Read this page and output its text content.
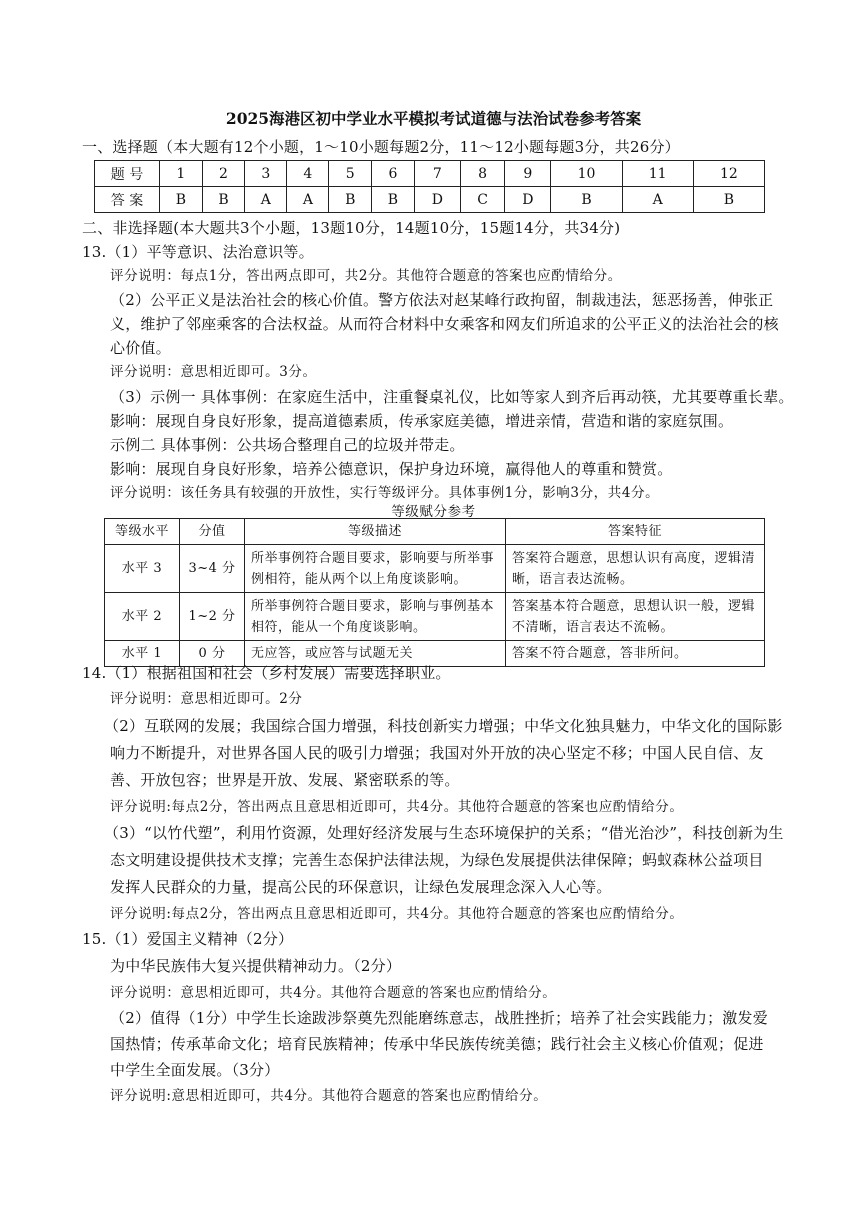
2025海港区初中学业水平模拟考试道德与法治试卷参考答案
一、选择题（本大题有12个小题，1～10小题每题2分，11～12小题每题3分，共26分）
题 号	1	2	3	4	5	6	7	8	9	10	11	12
答 案	B	B	A	A	B	B	D	C	D	B	A	B
二、非选择题(本大题共3个小题，13题10分，14题10分，15题14分，共34分)
13.（1）平等意识、法治意识等。
评分说明：每点1分，答出两点即可，共2分。其他符合题意的答案也应酌情给分。
（2）公平正义是法治社会的核心价值。警方依法对赵某峰行政拘留，制裁违法，惩恶扬善，伸张正
义，维护了邻座乘客的合法权益。从而符合材料中女乘客和网友们所追求的公平正义的法治社会的核
心价值。
评分说明：意思相近即可。3分。
（3）示例一 具体事例：在家庭生活中，注重餐桌礼仪，比如等家人到齐后再动筷，尤其要尊重长辈。
影响：展现自身良好形象，提高道德素质，传承家庭美德，增进亲情，营造和谐的家庭氛围。
示例二 具体事例：公共场合整理自己的垃圾并带走。
影响：展现自身良好形象，培养公德意识，保护身边环境，赢得他人的尊重和赞赏。
评分说明：该任务具有较强的开放性，实行等级评分。具体事例1分，影响3分，共4分。
等级赋分参考
等级水平	分值	等级描述	答案特征
水平 3	3~4 分	所举事例符合题目要求，影响要与所举事例相符，能从两个以上角度谈影响。	答案符合题意，思想认识有高度，逻辑清晰，语言表达流畅。
水平 2	1~2 分	所举事例符合题目要求，影响与事例基本相符，能从一个角度谈影响。	答案基本符合题意，思想认识一般，逻辑不清晰，语言表达不流畅。
水平 1	0 分	无应答，或应答与试题无关	答案不符合题意，答非所问。
14.（1）根据祖国和社会（乡村发展）需要选择职业。
评分说明：意思相近即可。2分
（2）互联网的发展；我国综合国力增强，科技创新实力增强；中华文化独具魅力，中华文化的国际影
响力不断提升，对世界各国人民的吸引力增强；我国对外开放的决心坚定不移；中国人民自信、友
善、开放包容；世界是开放、发展、紧密联系的等。
评分说明:每点2分，答出两点且意思相近即可，共4分。其他符合题意的答案也应酌情给分。
（3）“以竹代塑”，利用竹资源，处理好经济发展与生态环境保护的关系；“借光治沙”，科技创新为生
态文明建设提供技术支撑；完善生态保护法律法规，为绿色发展提供法律保障；蚂蚁森林公益项目
发挥人民群众的力量，提高公民的环保意识，让绿色发展理念深入人心等。
评分说明:每点2分，答出两点且意思相近即可，共4分。其他符合题意的答案也应酌情给分。
15.（1）爱国主义精神（2分）
为中华民族伟大复兴提供精神动力。（2分）
评分说明：意思相近即可，共4分。其他符合题意的答案也应酌情给分。
（2）值得（1分）中学生长途跋涉祭奠先烈能磨练意志，战胜挫折；培养了社会实践能力；激发爱
国热情；传承革命文化；培育民族精神；传承中华民族传统美德；践行社会主义核心价值观；促进
中学生全面发展。（3分）
评分说明:意思相近即可，共4分。其他符合题意的答案也应酌情给分。
